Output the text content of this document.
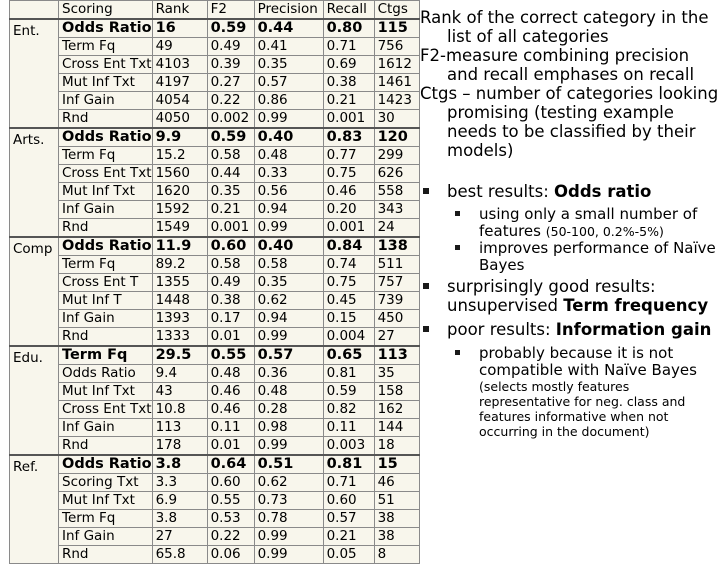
	Scoring	Rank	F2	Precision	Recall	Ctgs
Ent.	Odds Ratio	16	0.59	0.44	0.80	115
	Term Fq	49	0.49	0.41	0.71	756
	Cross Ent Txt	4103	0.39	0.35	0.69	1612
	Mut Inf Txt	4197	0.27	0.57	0.38	1461
	Inf Gain	4054	0.22	0.86	0.21	1423
	Rnd	4050	0.002	0.99	0.001	30
Arts.	Odds Ratio	9.9	0.59	0.40	0.83	120
	Term Fq	15.2	0.58	0.48	0.77	299
	Cross Ent Txt	1560	0.44	0.33	0.75	626
	Mut Inf Txt	1620	0.35	0.56	0.46	558
	Inf Gain	1592	0.21	0.94	0.20	343
	Rnd	1549	0.001	0.99	0.001	24
Comp	Odds Ratio	11.9	0.60	0.40	0.84	138
	Term Fq	89.2	0.58	0.58	0.74	511
	Cross Ent T	1355	0.49	0.35	0.75	757
	Mut Inf T	1448	0.38	0.62	0.45	739
	Inf Gain	1393	0.17	0.94	0.15	450
	Rnd	1333	0.01	0.99	0.004	27
Edu.	Term Fq	29.5	0.55	0.57	0.65	113
	Odds Ratio	9.4	0.48	0.36	0.81	35
	Mut Inf Txt	43	0.46	0.48	0.59	158
	Cross Ent Txt	10.8	0.46	0.28	0.82	162
	Inf Gain	113	0.11	0.98	0.11	144
	Rnd	178	0.01	0.99	0.003	18
Ref.	Odds Ratio	3.8	0.64	0.51	0.81	15
	Scoring Txt	3.3	0.60	0.62	0.71	46
	Mut Inf Txt	6.9	0.55	0.73	0.60	51
	Term Fq	3.8	0.53	0.78	0.57	38
	Inf Gain	27	0.22	0.99	0.21	38
	Rnd	65.8	0.06	0.99	0.05	8

Rank of the correct category in the list of all categories

F2-measure combining precision and recall emphases on recall

Ctgs – number of categories looking promising (testing example needs to be classified by their models)

best results: Odds ratio
using only a small number of features (50-100, 0.2%-5%)
improves performance of Naïve Bayes
surprisingly good results: unsupervised Term frequency
poor results: Information gain
probably because it is not compatible with Naïve Bayes

(selects mostly features representative for neg. class and features informative when not occurring in the document)
